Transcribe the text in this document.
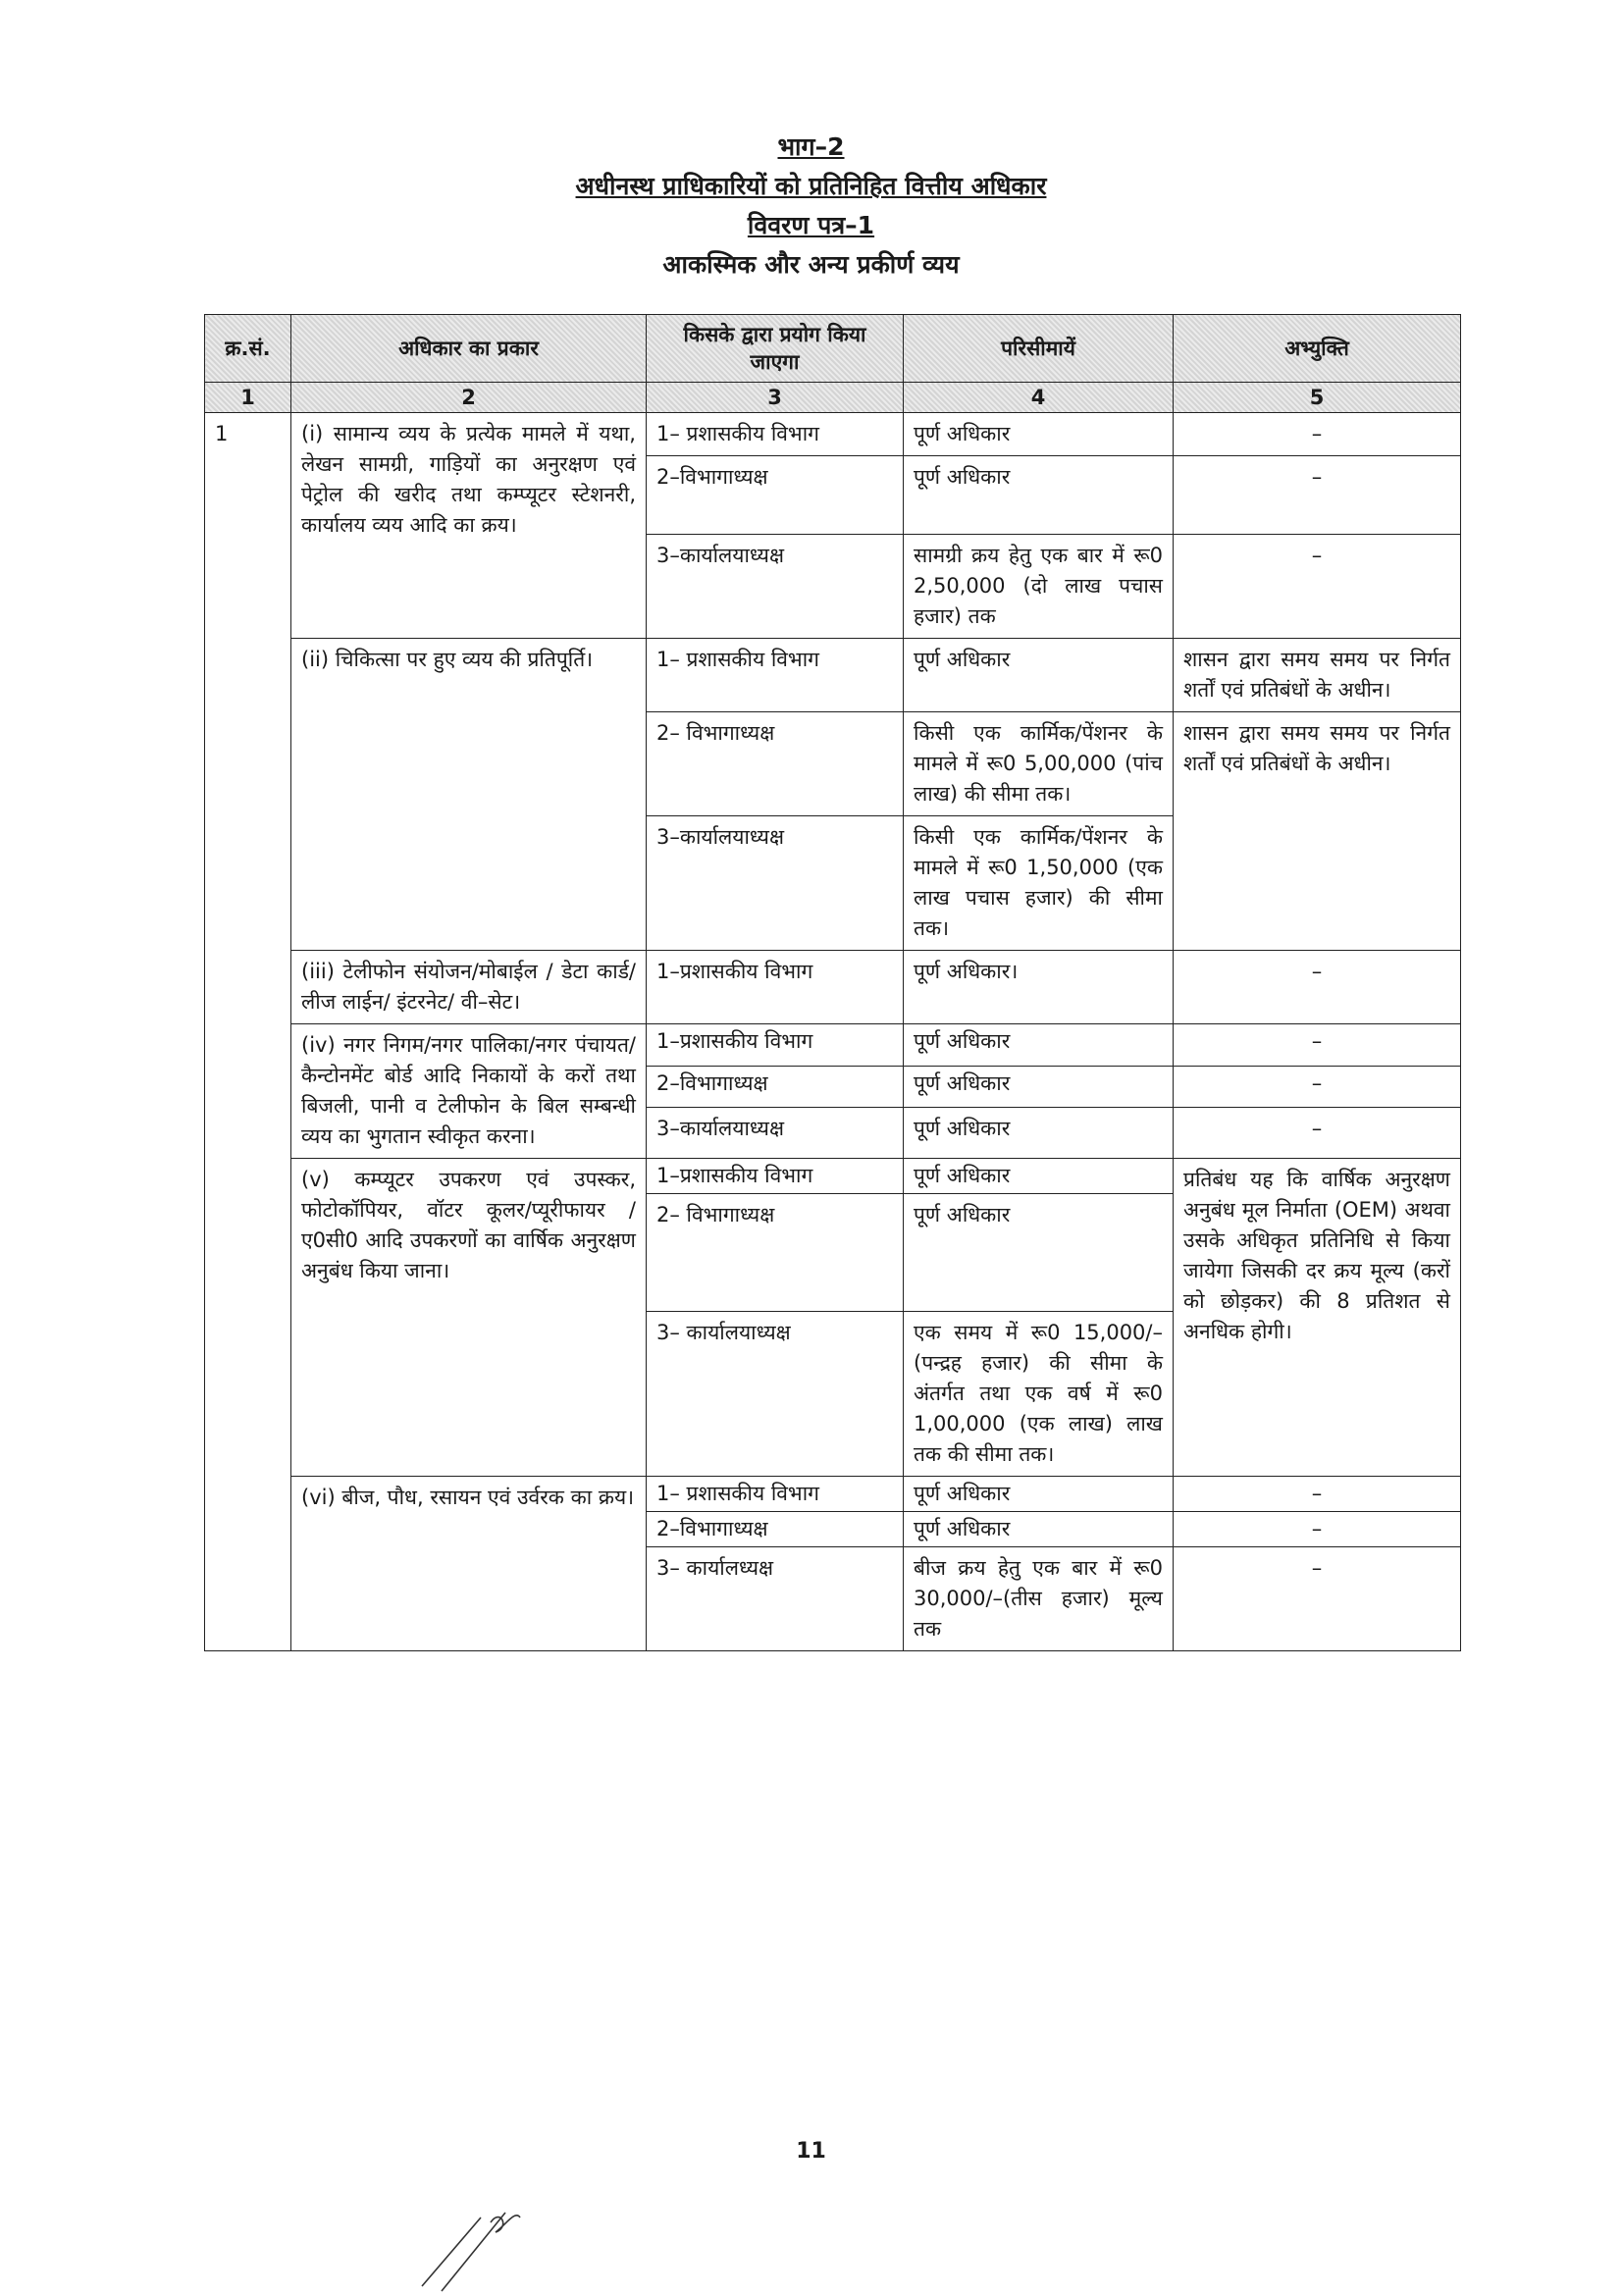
भाग–2
अधीनस्थ प्राधिकारियों को प्रतिनिहित वित्तीय अधिकार
विवरण पत्र–1
आकस्मिक और अन्य प्रकीर्ण व्यय
क्र.सं.	अधिकार का प्रकार	किसके द्वारा प्रयोग किया जाएगा	परिसीमायें	अभ्युक्ति
1	2	3	4	5
1	(i) सामान्य व्यय के प्रत्येक मामले में यथा, लेखन सामग्री, गाड़ियों का अनुरक्षण एवं पेट्रोल की खरीद तथा कम्प्यूटर स्टेशनरी, कार्यालय व्यय आदि का क्रय।	1– प्रशासकीय विभाग	पूर्ण अधिकार	–
		2–विभागाध्यक्ष	पूर्ण अधिकार	–
		3–कार्यालयाध्यक्ष	सामग्री क्रय हेतु एक बार में रू0 2,50,000 (दो लाख पचास हजार) तक	–
	(ii) चिकित्सा पर हुए व्यय की प्रतिपूर्ति।	1– प्रशासकीय विभाग	पूर्ण अधिकार	शासन द्वारा समय समय पर निर्गत शर्तों एवं प्रतिबंधों के अधीन।
		2– विभागाध्यक्ष	किसी एक कार्मिक/पेंशनर के मामले में रू0 5,00,000 (पांच लाख) की सीमा तक।	शासन द्वारा समय समय पर निर्गत शर्तों एवं प्रतिबंधों के अधीन।
		3–कार्यालयाध्यक्ष	किसी एक कार्मिक/पेंशनर के मामले में रू0 1,50,000 (एक लाख पचास हजार) की सीमा तक।	
	(iii) टेलीफोन संयोजन/मोबाईल / डेटा कार्ड/लीज लाईन/ इंटरनेट/ वी–सेट।	1–प्रशासकीय विभाग	पूर्ण अधिकार।	–
	(iv) नगर निगम/नगर पालिका/नगर पंचायत/कैन्टोनमेंट बोर्ड आदि निकायों के करों तथा बिजली, पानी व टेलीफोन के बिल सम्बन्धी व्यय का भुगतान स्वीकृत करना।	1–प्रशासकीय विभाग	पूर्ण अधिकार	–
		2–विभागाध्यक्ष	पूर्ण अधिकार	–
		3–कार्यालयाध्यक्ष	पूर्ण अधिकार	–
	(v) कम्प्यूटर उपकरण एवं उपस्कर, फोटोकॉपियर, वॉटर कूलर/प्यूरीफायर /ए0सी0 आदि उपकरणों का वार्षिक अनुरक्षण अनुबंध किया जाना।	1–प्रशासकीय विभाग	पूर्ण अधिकार	प्रतिबंध यह कि वार्षिक अनुरक्षण अनुबंध मूल निर्माता (OEM) अथवा उसके अधिकृत प्रतिनिधि से किया जायेगा जिसकी दर क्रय मूल्य (करों को छोड़कर) की 8 प्रतिशत से अनधिक होगी।
		2– विभागाध्यक्ष	पूर्ण अधिकार	
		3– कार्यालयाध्यक्ष	एक समय में रू0 15,000/–(पन्द्रह हजार) की सीमा के अंतर्गत तथा एक वर्ष में रू0 1,00,000 (एक लाख) लाख तक की सीमा तक।	
	(vi) बीज, पौध, रसायन एवं उर्वरक का क्रय।	1– प्रशासकीय विभाग	पूर्ण अधिकार	–
		2–विभागाध्यक्ष	पूर्ण अधिकार	–
		3– कार्यालध्यक्ष	बीज क्रय हेतु एक बार में रू0 30,000/–(तीस हजार) मूल्य तक	–
11
